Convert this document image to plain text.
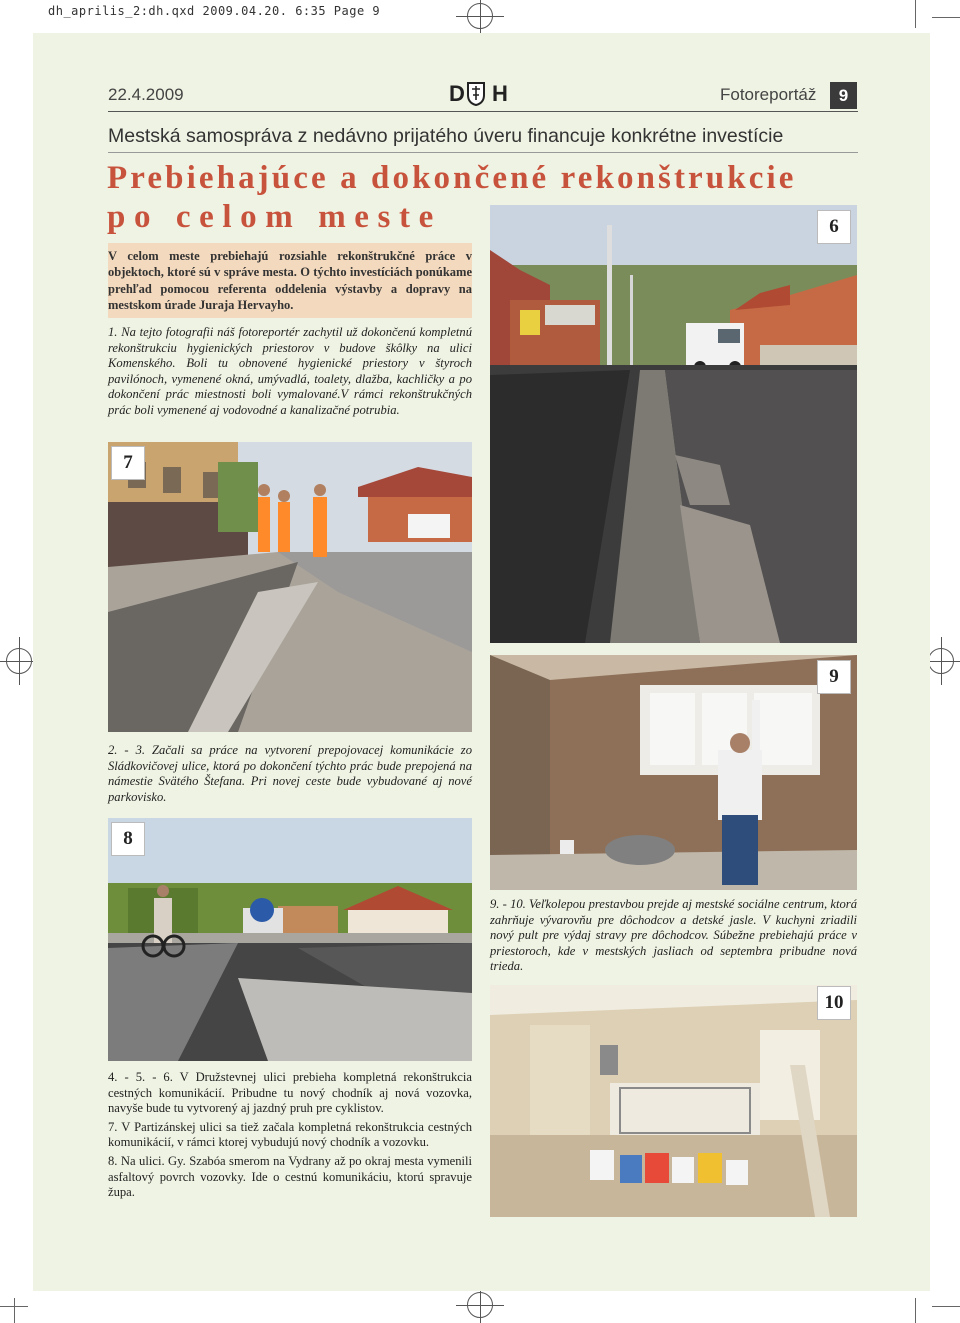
dh_aprilis_2:dh.qxd 2009.04.20. 6:35 Page 9
22.4.2009	D H	Fotoreportáž	9
Mestská samospráva z nedávno prijatého úveru financuje konkrétne investície
Prebiehajúce a dokončené rekonštrukcie
po celom meste
V celom meste prebiehajú rozsiahle rekonštrukčné práce v objektoch, ktoré sú v správe mesta. O týchto investíciách ponúkame prehľad pomocou referenta oddelenia výstavby a dopravy na mestskom úrade Juraja Hervayho.
1. Na tejto fotografii náš fotoreportér zachytil už dokončenú kompletnú rekonštrukciu hygienických priestorov v budove škôlky na ulici Komenského. Boli tu obnovené hygienické priestory v štyroch pavilónoch, vymenené okná, umývadlá, toalety, dlažba, kachličky a po dokončení prác miestnosti boli vymalované.V rámci rekonštrukčných prác boli vymenené aj vodovodné a kanalizačné potrubia.
6
7
2. - 3. Začali sa práce na vytvorení prepojovacej komunikácie zo Sládkovičovej ulice, ktorá po dokončení týchto prác bude prepojená na námestie Svätého Štefana. Pri novej ceste bude vybudované aj nové parkovisko.
9
8
9. - 10. Veľkolepou prestavbou prejde aj mestské sociálne centrum, ktorá zahrňuje vývarovňu pre dôchodcov a detské jasle. V kuchyni zriadili nový pult pre výdaj stravy pre dôchodcov. Súbežne prebiehajú práce v priestoroch, kde v mestských jasliach od septembra pribudne nová trieda.
10

4. - 5. - 6. V Družstevnej ulici prebieha kompletná rekonštrukcia cestných komunikácií. Pribudne tu nový chodník aj nová vozovka, navyše bude tu vytvorený aj jazdný pruh pre cyklistov.

7. V Partizánskej ulici sa tiež začala kompletná rekonštrukcia cestných komunikácií, v rámci ktorej vybudujú nový chodník a vozovku.

8. Na ulici. Gy. Szabóa smerom na Vydrany až po okraj mesta vymenili asfaltový povrch vozovky. Ide o cestnú komunikáciu, ktorú spravuje župa.
